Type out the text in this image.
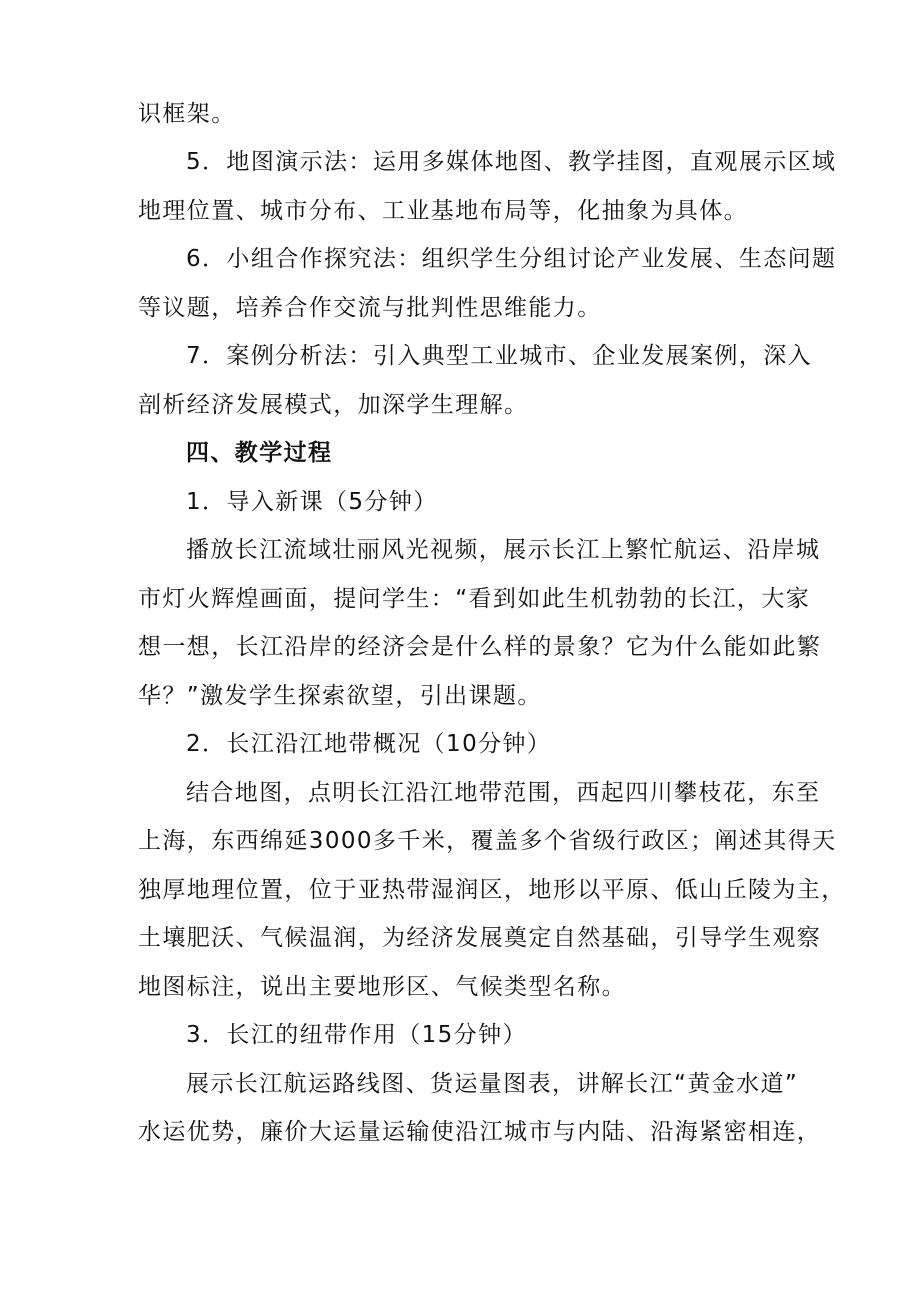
识框架。
5．地图演示法：运用多媒体地图、教学挂图，直观展示区域
地理位置、城市分布、工业基地布局等，化抽象为具体。
6．小组合作探究法：组织学生分组讨论产业发展、生态问题
等议题，培养合作交流与批判性思维能力。
7．案例分析法：引入典型工业城市、企业发展案例，深入
剖析经济发展模式，加深学生理解。
四、教学过程
1．导入新课（5分钟）
播放长江流域壮丽风光视频，展示长江上繁忙航运、沿岸城
市灯火辉煌画面，提问学生：“看到如此生机勃勃的长江，大家
想一想，长江沿岸的经济会是什么样的景象？它为什么能如此繁
华？”激发学生探索欲望，引出课题。
2．长江沿江地带概况（10分钟）
结合地图，点明长江沿江地带范围，西起四川攀枝花，东至
上海，东西绵延3000多千米，覆盖多个省级行政区；阐述其得天
独厚地理位置，位于亚热带湿润区，地形以平原、低山丘陵为主，
土壤肥沃、气候温润，为经济发展奠定自然基础，引导学生观察
地图标注，说出主要地形区、气候类型名称。
3．长江的纽带作用（15分钟）
展示长江航运路线图、货运量图表，讲解长江“黄金水道”
水运优势，廉价大运量运输使沿江城市与内陆、沿海紧密相连，
